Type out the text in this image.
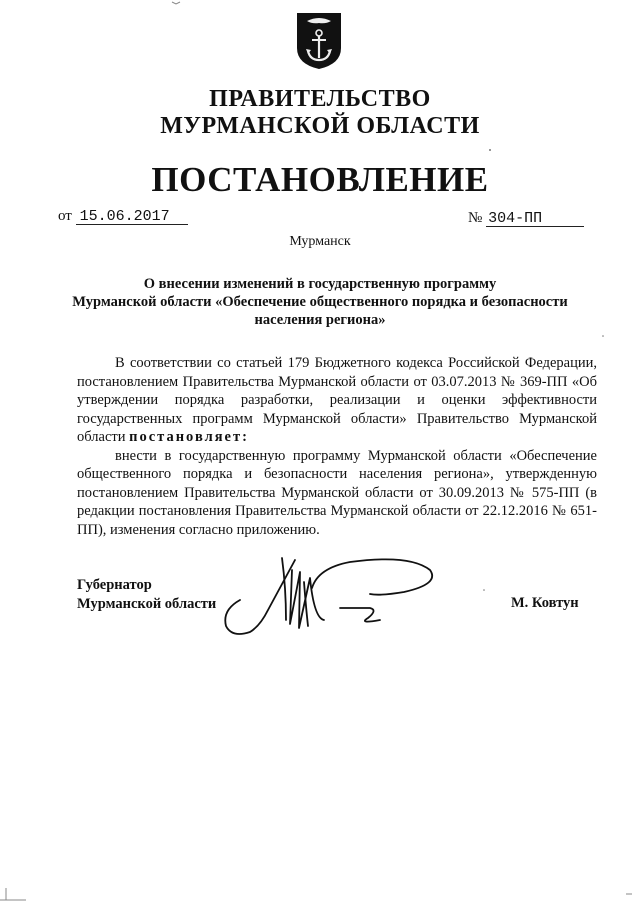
ПРАВИТЕЛЬСТВО
МУРМАНСКОЙ ОБЛАСТИ
ПОСТАНОВЛЕНИЕ
от 15.06.2017	№ 304-ПП
Мурманск
О внесении изменений в государственную программу
Мурманской области «Обеспечение общественного порядка и безопасности
населения региона»

В соответствии со статьей 179 Бюджетного кодекса Российской Федерации, постановлением Правительства Мурманской области от 03.07.2013 № 369-ПП «Об утверждении порядка разработки, реализации и оценки эффективности государственных программ Мурманской области» Правительство Мурманской области постановляет:

внести в государственную программу Мурманской области «Обеспечение общественного порядка и безопасности населения региона», утвержденную постановлением Правительства Мурманской области от 30.09.2013 № 575-ПП (в редакции постановления Правительства Мурманской области от 22.12.2016 № 651-ПП), изменения согласно приложению.

Губернатор
Мурманской области	М. Ковтун
